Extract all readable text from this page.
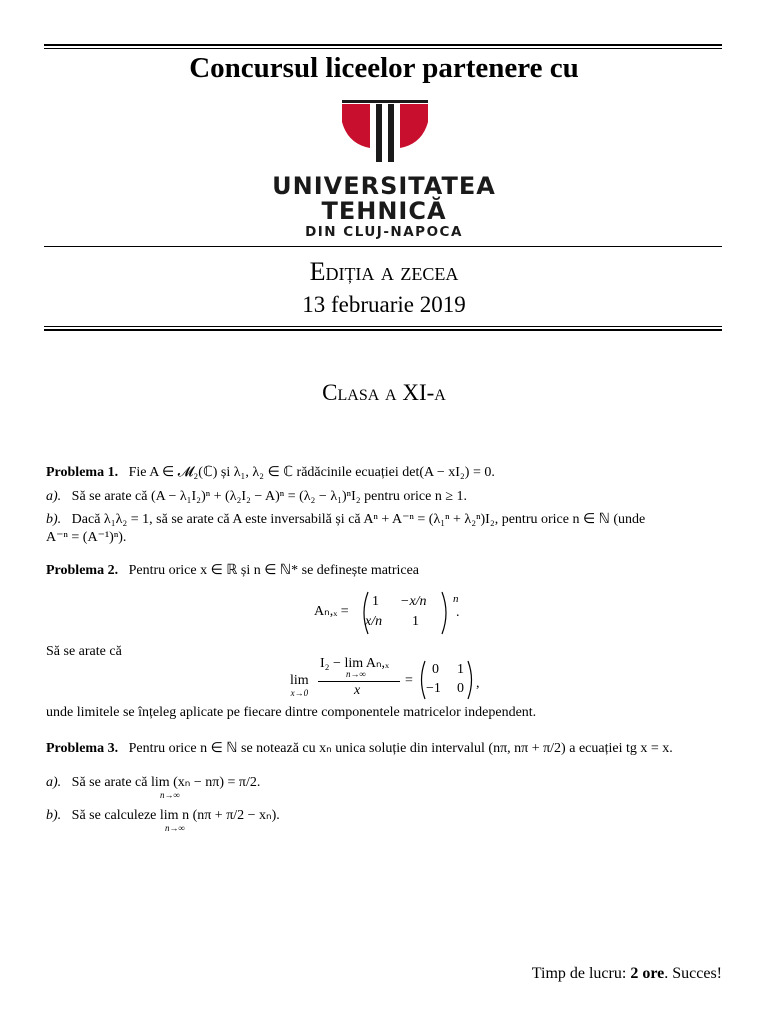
Concursul liceelor partenere cu
UNIVERSITATEA
TEHNICĂ
DIN CLUJ-NAPOCA
Ediția a zecea
13 februarie 2019
Clasa a XI-a
Problema 1. Fie A ∈ 𝓜₂(ℂ) și λ₁, λ₂ ∈ ℂ rădăcinile ecuației det(A − xI₂) = 0.
a). Să se arate că (A − λ₁I₂)ⁿ + (λ₂I₂ − A)ⁿ = (λ₂ − λ₁)ⁿI₂ pentru orice n ≥ 1.
b). Dacă λ₁λ₂ = 1, să se arate că A este inversabilă și că Aⁿ + A⁻ⁿ = (λ₁ⁿ + λ₂ⁿ)I₂, pentru orice n ∈ ℕ (unde
A⁻ⁿ = (A⁻¹)ⁿ).
Problema 2. Pentru orice x ∈ ℝ și n ∈ ℕ* se definește matricea
Aₙ,ₓ =
n
1 −x/n
x/n 1
.
Să se arate că
lim
x→0
I₂ − lim Aₙ,ₓ
n→∞
x
=
0 1
−1 0 ,
unde limitele se înțeleg aplicate pe fiecare dintre componentele matricelor independent.
Problema 3. Pentru orice n ∈ ℕ se notează cu xₙ unica soluție din intervalul (nπ, nπ + π/2) a ecuației tg x = x.
a). Să se arate că lim (xₙ − nπ) = π/2.
n→∞
b). Să se calculeze lim n (nπ + π/2 − xₙ).
n→∞
Timp de lucru: 2 ore. Succes!
